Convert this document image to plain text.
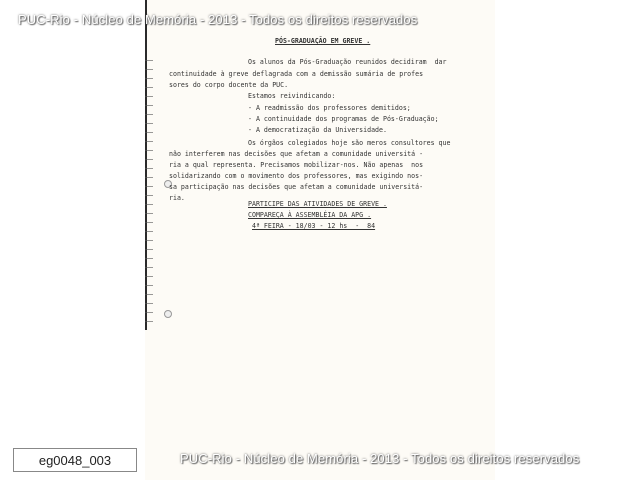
PUC-Rio - Núcleo de Memória - 2013 - Todos os direitos reservados
PÓS-GRADUAÇÃO EM GREVE .
Os alunos da Pós-Graduação reunidos decidiram  dar
continuidade à greve deflagrada com a demissão sumária de profes
sores do corpo docente da PUC.
Estamos reivindicando:
- A readmissão dos professores demitidos;
- A continuidade dos programas de Pós-Graduação;
- A democratização da Universidade.
Os órgãos colegiados hoje são meros consultores que
não interferem nas decisões que afetam a comunidade universitá -
ria a qual representa. Precisamos mobilizar-nos. Não apenas  nos
solidarizando com o movimento dos professores, mas exigindo nos-
sa participação nas decisões que afetam a comunidade universitá-
ria.
PARTICIPE DAS ATIVIDADES DE GREVE .
COMPAREÇA À ASSEMBLÉIA DA APG .
4ª FEIRA - 18/03 - 12 hs  -  84
eg0048_003	PUC-Rio - Núcleo de Memória - 2013 - Todos os direitos reservados
